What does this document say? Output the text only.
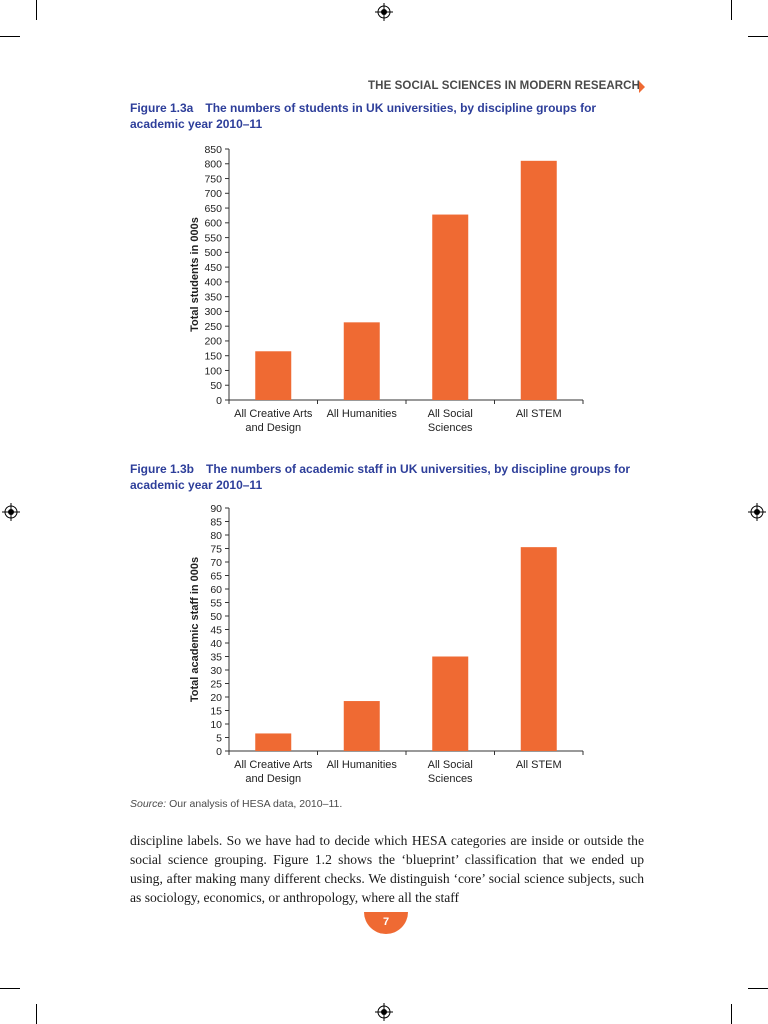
THE SOCIAL SCIENCES IN MODERN RESEARCH
Figure 1.3a The numbers of students in UK universities, by discipline groups for academic year 2010–11
0
50
100
150
200
250
300
350
400
450
500
550
600
650
700
750
800
850
All Creative Arts
and Design
All Humanities	All Social
Sciences
All STEM
Total students in 000s
Figure 1.3b The numbers of academic staff in UK universities, by discipline groups for academic year 2010–11
0
5
10
15
20
25
30
35
40
45
50
55
60
65
70
75
80
85
90
All Creative Arts
and Design
All Humanities	All Social
Sciences
All STEM
Total academic staff in 000s
Source: Our analysis of HESA data, 2010–11.
discipline labels. So we have had to decide which HESA categories are inside or outside the social science grouping. Figure 1.2 shows the ‘blueprint’ classification that we ended up using, after making many different checks. We distinguish ‘core’ social science subjects, such as sociology, economics, or anthropology, where all the staff
7
